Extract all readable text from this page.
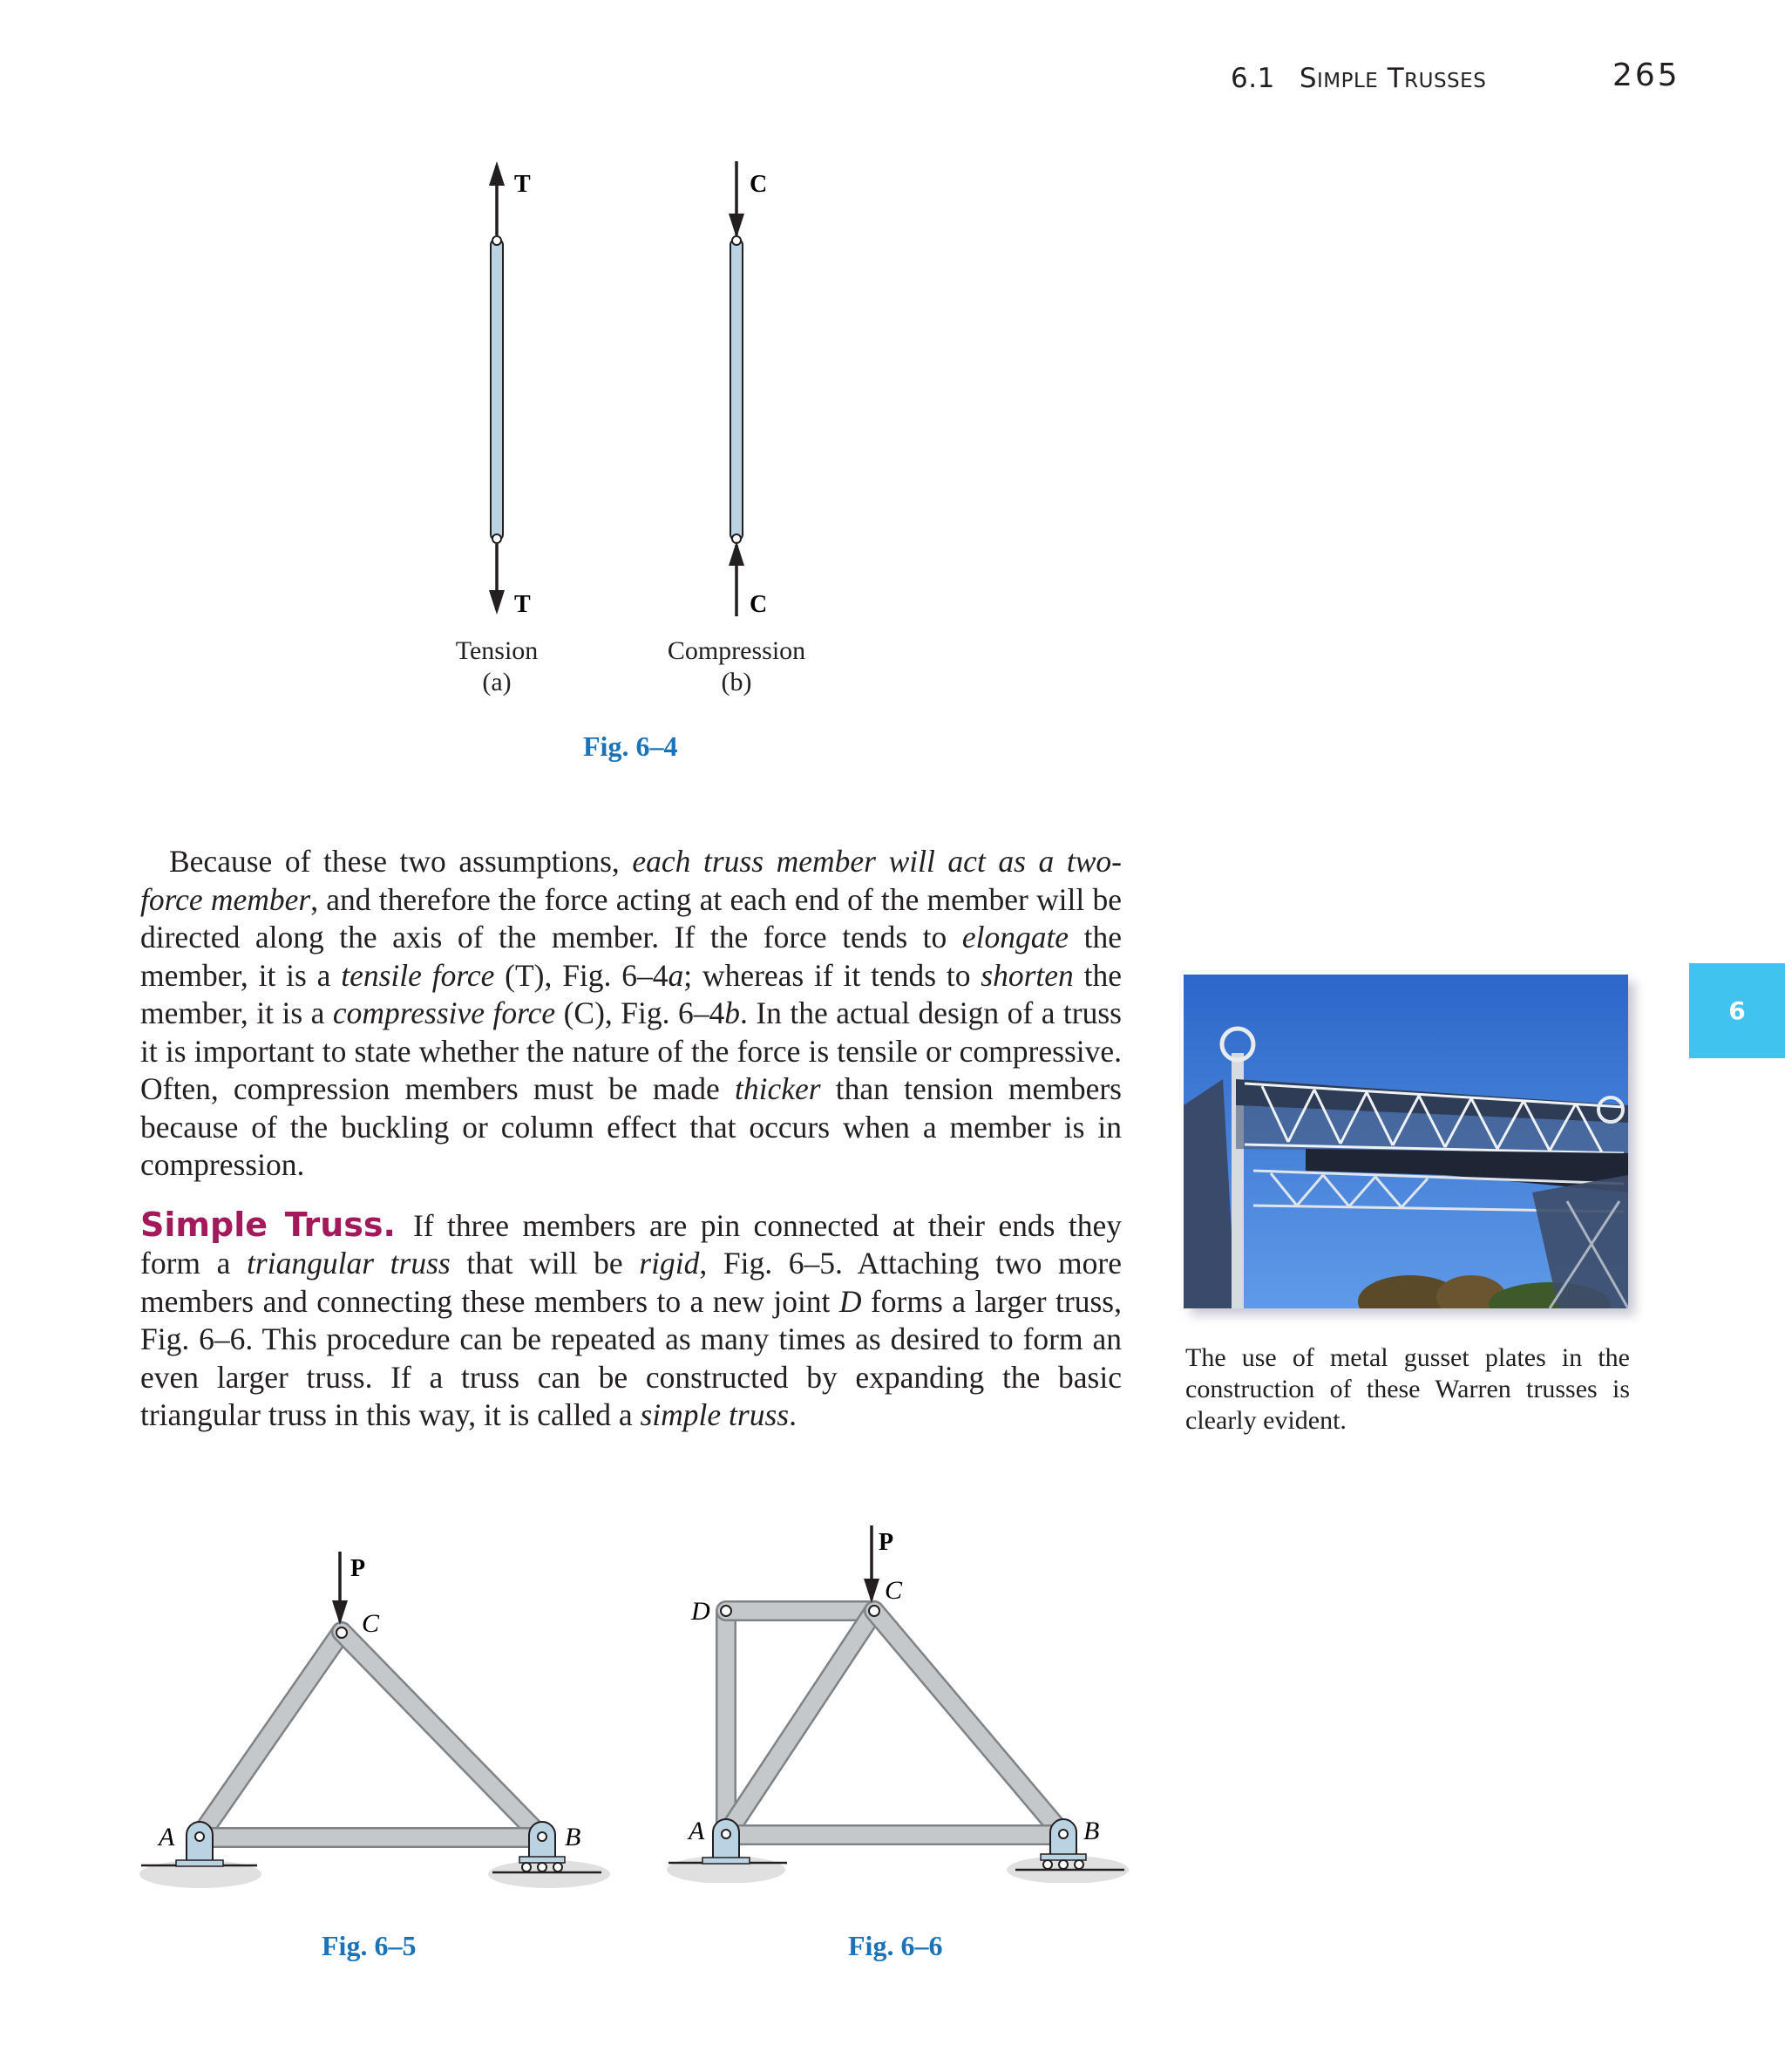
6.1 SIMPLE TRUSSES	265
6
T
T
C
C
Tension
(a)
Compression
(b)
Fig. 6–4

Because of these two assumptions, each truss member will act as a two-force member, and therefore the force acting at each end of the member will be directed along the axis of the member. If the force tends to elongate the member, it is a tensile force (T), Fig. 6–4a; whereas if it tends to shorten the member, it is a compressive force (C), Fig. 6–4b. In the actual design of a truss it is important to state whether the nature of the force is tensile or compressive. Often, compression members must be made thicker than tension members because of the buckling or column effect that occurs when a member is in compression.

Simple Truss. If three members are pin connected at their ends they form a triangular truss that will be rigid, Fig. 6–5. Attaching two more members and connecting these members to a new joint D forms a larger truss, Fig. 6–6. This procedure can be repeated as many times as desired to form an even larger truss. If a truss can be constructed by expanding the basic triangular truss in this way, it is called a simple truss.

The use of metal gusset plates in the construction of these Warren trusses is clearly evident.
P
C
A	B
Fig. 6–5
P
C
D
A	B
Fig. 6–6
